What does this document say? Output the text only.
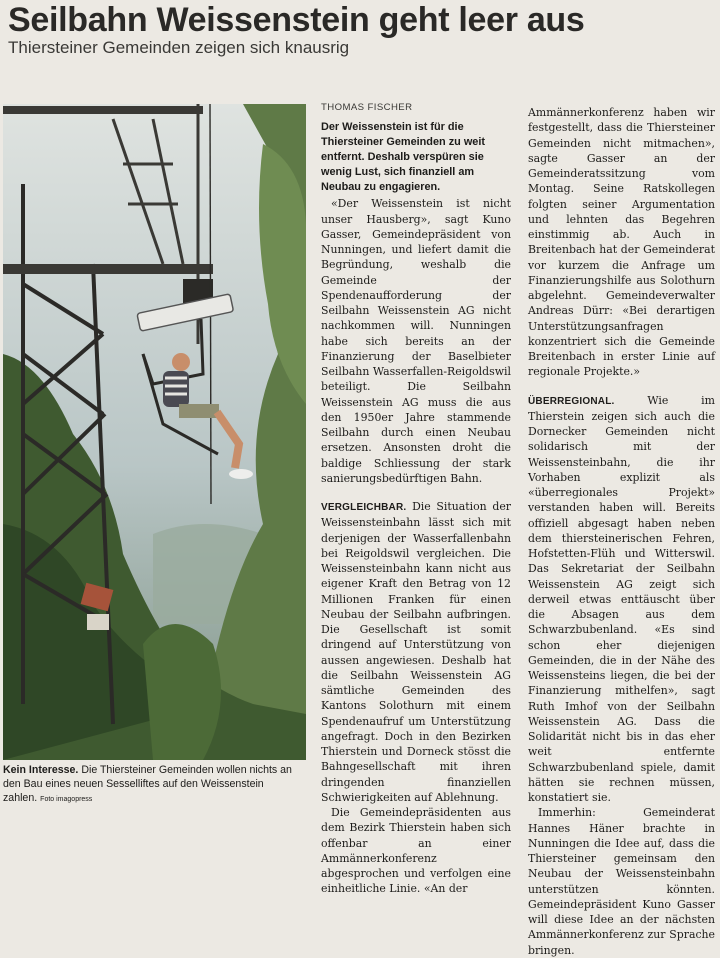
Seilbahn Weissenstein geht leer aus
Thiersteiner Gemeinden zeigen sich knausrig
Kein Interesse. Die Thiersteiner Gemeinden wollen nichts an den Bau eines neuen Sesselliftes auf den Weissenstein zahlen. Foto imagopress
THOMAS FISCHER
Der Weissenstein ist für die Thiersteiner Gemeinden zu weit entfernt. Deshalb verspüren sie wenig Lust, sich finanziell am Neubau zu engagieren.

«Der Weissenstein ist nicht unser Hausberg», sagt Kuno Gasser, Gemeindepräsident von Nunningen, und liefert damit die Begründung, weshalb die Gemeinde der Spendenaufforderung der Seilbahn Weissenstein AG nicht nachkommen will. Nunningen habe sich bereits an der Finanzierung der Baselbieter Seilbahn Wasserfallen-Reigoldswil beteiligt. Die Seilbahn Weissenstein AG muss die aus den 1950er Jahre stammende Seilbahn durch einen Neubau ersetzen. Ansonsten droht die baldige Schliessung der stark sanierungsbedürftigen Bahn.

VERGLEICHBAR. Die Situation der Weissensteinbahn lässt sich mit derjenigen der Wasserfallenbahn bei Reigoldswil vergleichen. Die Weissensteinbahn kann nicht aus eigener Kraft den Betrag von 12 Millionen Franken für einen Neubau der Seilbahn aufbringen. Die Gesellschaft ist somit dringend auf Unterstützung von aussen angewiesen. Deshalb hat die Seilbahn Weissenstein AG sämtliche Gemeinden des Kantons Solothurn mit einem Spendenaufruf um Unterstützung angefragt. Doch in den Bezirken Thierstein und Dorneck stösst die Bahngesellschaft mit ihren dringenden finanziellen Schwierigkeiten auf Ablehnung.

Die Gemeindepräsidenten aus dem Bezirk Thierstein haben sich offenbar an einer Ammännerkonferenz abgesprochen und verfolgen eine einheitliche Linie. «An der

Ammännerkonferenz haben wir festgestellt, dass die Thiersteiner Gemeinden nicht mitmachen», sagte Gasser an der Gemeinderatssitzung vom Montag. Seine Ratskollegen folgten seiner Argumentation und lehnten das Begehren einstimmig ab. Auch in Breitenbach hat der Gemeinderat vor kurzem die Anfrage um Finanzierungshilfe aus Solothurn abgelehnt. Gemeindeverwalter Andreas Dürr: «Bei derartigen Unterstützungsanfragen konzentriert sich die Gemeinde Breitenbach in erster Linie auf regionale Projekte.»

ÜBERREGIONAL. Wie im Thierstein zeigen sich auch die Dornecker Gemeinden nicht solidarisch mit der Weissensteinbahn, die ihr Vorhaben explizit als «überregionales Projekt» verstanden haben will. Bereits offiziell abgesagt haben neben dem thiersteinerischen Fehren, Hofstetten-Flüh und Witterswil. Das Sekretariat der Seilbahn Weissenstein AG zeigt sich derweil etwas enttäuscht über die Absagen aus dem Schwarzbubenland. «Es sind schon eher diejenigen Gemeinden, die in der Nähe des Weissensteins liegen, die bei der Finanzierung mithelfen», sagt Ruth Imhof von der Seilbahn Weissenstein AG. Dass die Solidarität nicht bis in das eher weit entfernte Schwarzbubenland spiele, damit hätten sie rechnen müssen, konstatiert sie.

Immerhin: Gemeinderat Hannes Häner brachte in Nunningen die Idee auf, dass die Thiersteiner gemeinsam den Neubau der Weissensteinbahn unterstützen könnten. Gemeindepräsident Kuno Gasser will diese Idee an der nächsten Ammännerkonferenz zur Sprache bringen.
